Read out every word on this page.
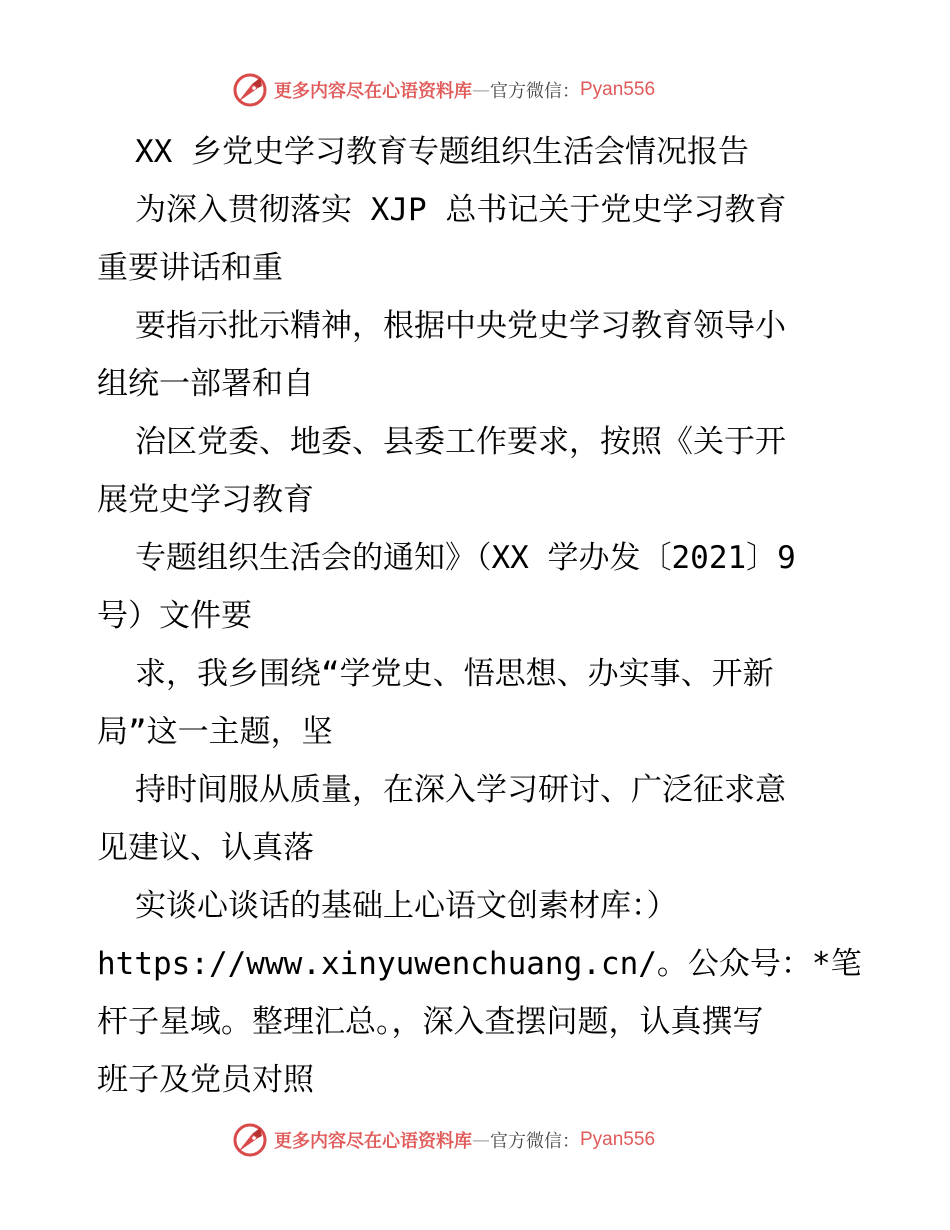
更多内容尽在心语资料库 — 官方微信： Pyan556
XX 乡党史学习教育专题组织生活会情况报告
为深入贯彻落实 XJP 总书记关于党史学习教育
重要讲话和重
要指示批示精神，根据中央党史学习教育领导小
组统一部署和自
治区党委、地委、县委工作要求，按照《关于开
展党史学习教育
专题组织生活会的通知》（XX 学办发〔2021〕9
号）文件要
求，我乡围绕“学党史、悟思想、办实事、开新
局”这一主题，坚
持时间服从质量，在深入学习研讨、广泛征求意
见建议、认真落
实谈心谈话的基础上心语文创素材库：）
https://www.xinyuwenchuang.cn/。公众号：*笔
杆子星域。整理汇总。，深入查摆问题，认真撰写
班子及党员对照
更多内容尽在心语资料库 — 官方微信： Pyan556
